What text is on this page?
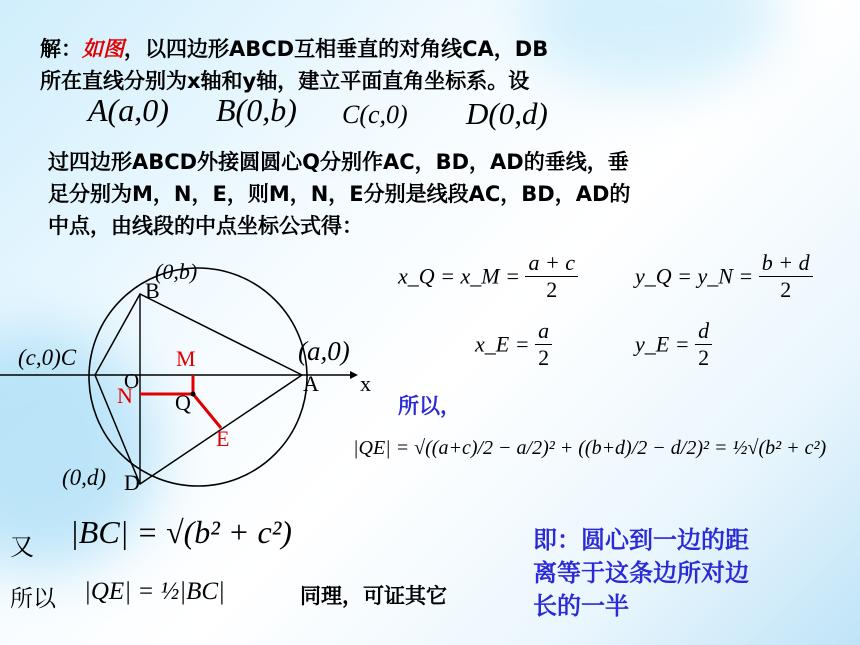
解：如图，以四边形ABCD互相垂直的对角线CA，DB
所在直线分别为x轴和y轴，建立平面直角坐标系。设
A(a,0) B(0,b) C(c,0) D(0,d)
过四边形ABCD外接圆圆心Q分别作AC，BD，AD的垂线，垂
足分别为M，N，E，则M，N，E分别是线段AC，BD，AD的
中点，由线段的中点坐标公式得：
(0,b)
B
(c,0)C	(a,0)
A x
O
M
N Q
E
(0,d) D
x_Q = x_M = $\frac{a + c}{2}$	y_Q = y_N = $\frac{b + d}{2}$
x_E = $\frac{a}{2}$	y_E = $\frac{d}{2}$
所以，
|QE| = √((a+c)/2 − a/2)² + ((b+d)/2 − d/2)² = ½√(b² + c²)
又 |BC| = √(b² + c²)
所以 |QE| = ½|BC|	同理，可证其它
即：圆心到一边的距
离等于这条边所对边
长的一半
